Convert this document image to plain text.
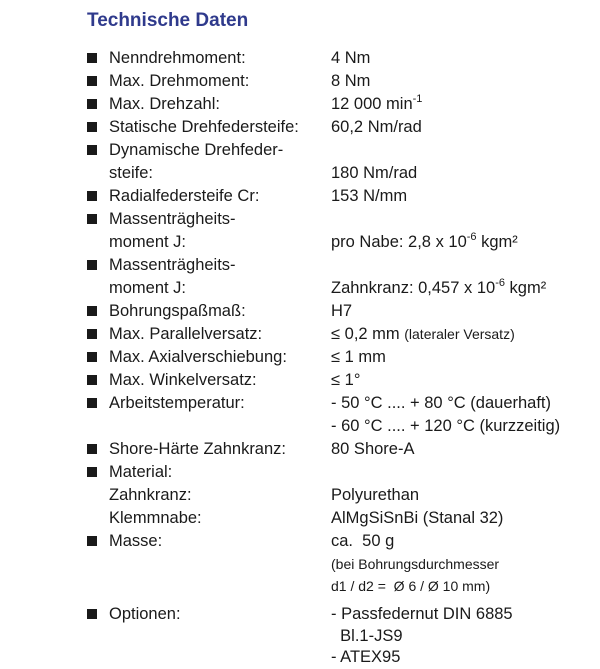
Technische Daten
Nenndrehmoment:	4 Nm
Max. Drehmoment:	8 Nm
Max. Drehzahl:	12 000 $\min^{-1}$
Statische Drehfedersteife: 60,2 Nm/rad
Dynamische Drehfeder-
steife:	180 Nm/rad
Radialfedersteife Cr:	153 N/mm
Massenträgheits-
moment J:	pro Nabe: 2,8 x $10^{-6}$ kgm²
Massenträgheits-
moment J:	Zahnkranz: 0,457 x $10^{-6}$ kgm²
Bohrungspaßmaß:	H7
Max. Parallelversatz:	≤ 0,2 mm (lateraler Versatz)
Max. Axialverschiebung:	≤ 1 mm
Max. Winkelversatz:	≤ 1°
Arbeitstemperatur:	- 50 °C .... + 80 °C (dauerhaft)
- 60 °C .... + 120 °C (kurzzeitig)
Shore-Härte Zahnkranz:	80 Shore-A
Material:
Zahnkranz:	Polyurethan
Klemmnabe:	AlMgSiSnBi (Stanal 32)
Masse:	ca.  50 g
(bei Bohrungsdurchmesser
d1 / d2 =  Ø 6 / Ø 10 mm)
Optionen:	- Passfedernut DIN 6885
Bl.1-JS9
- ATEX95
